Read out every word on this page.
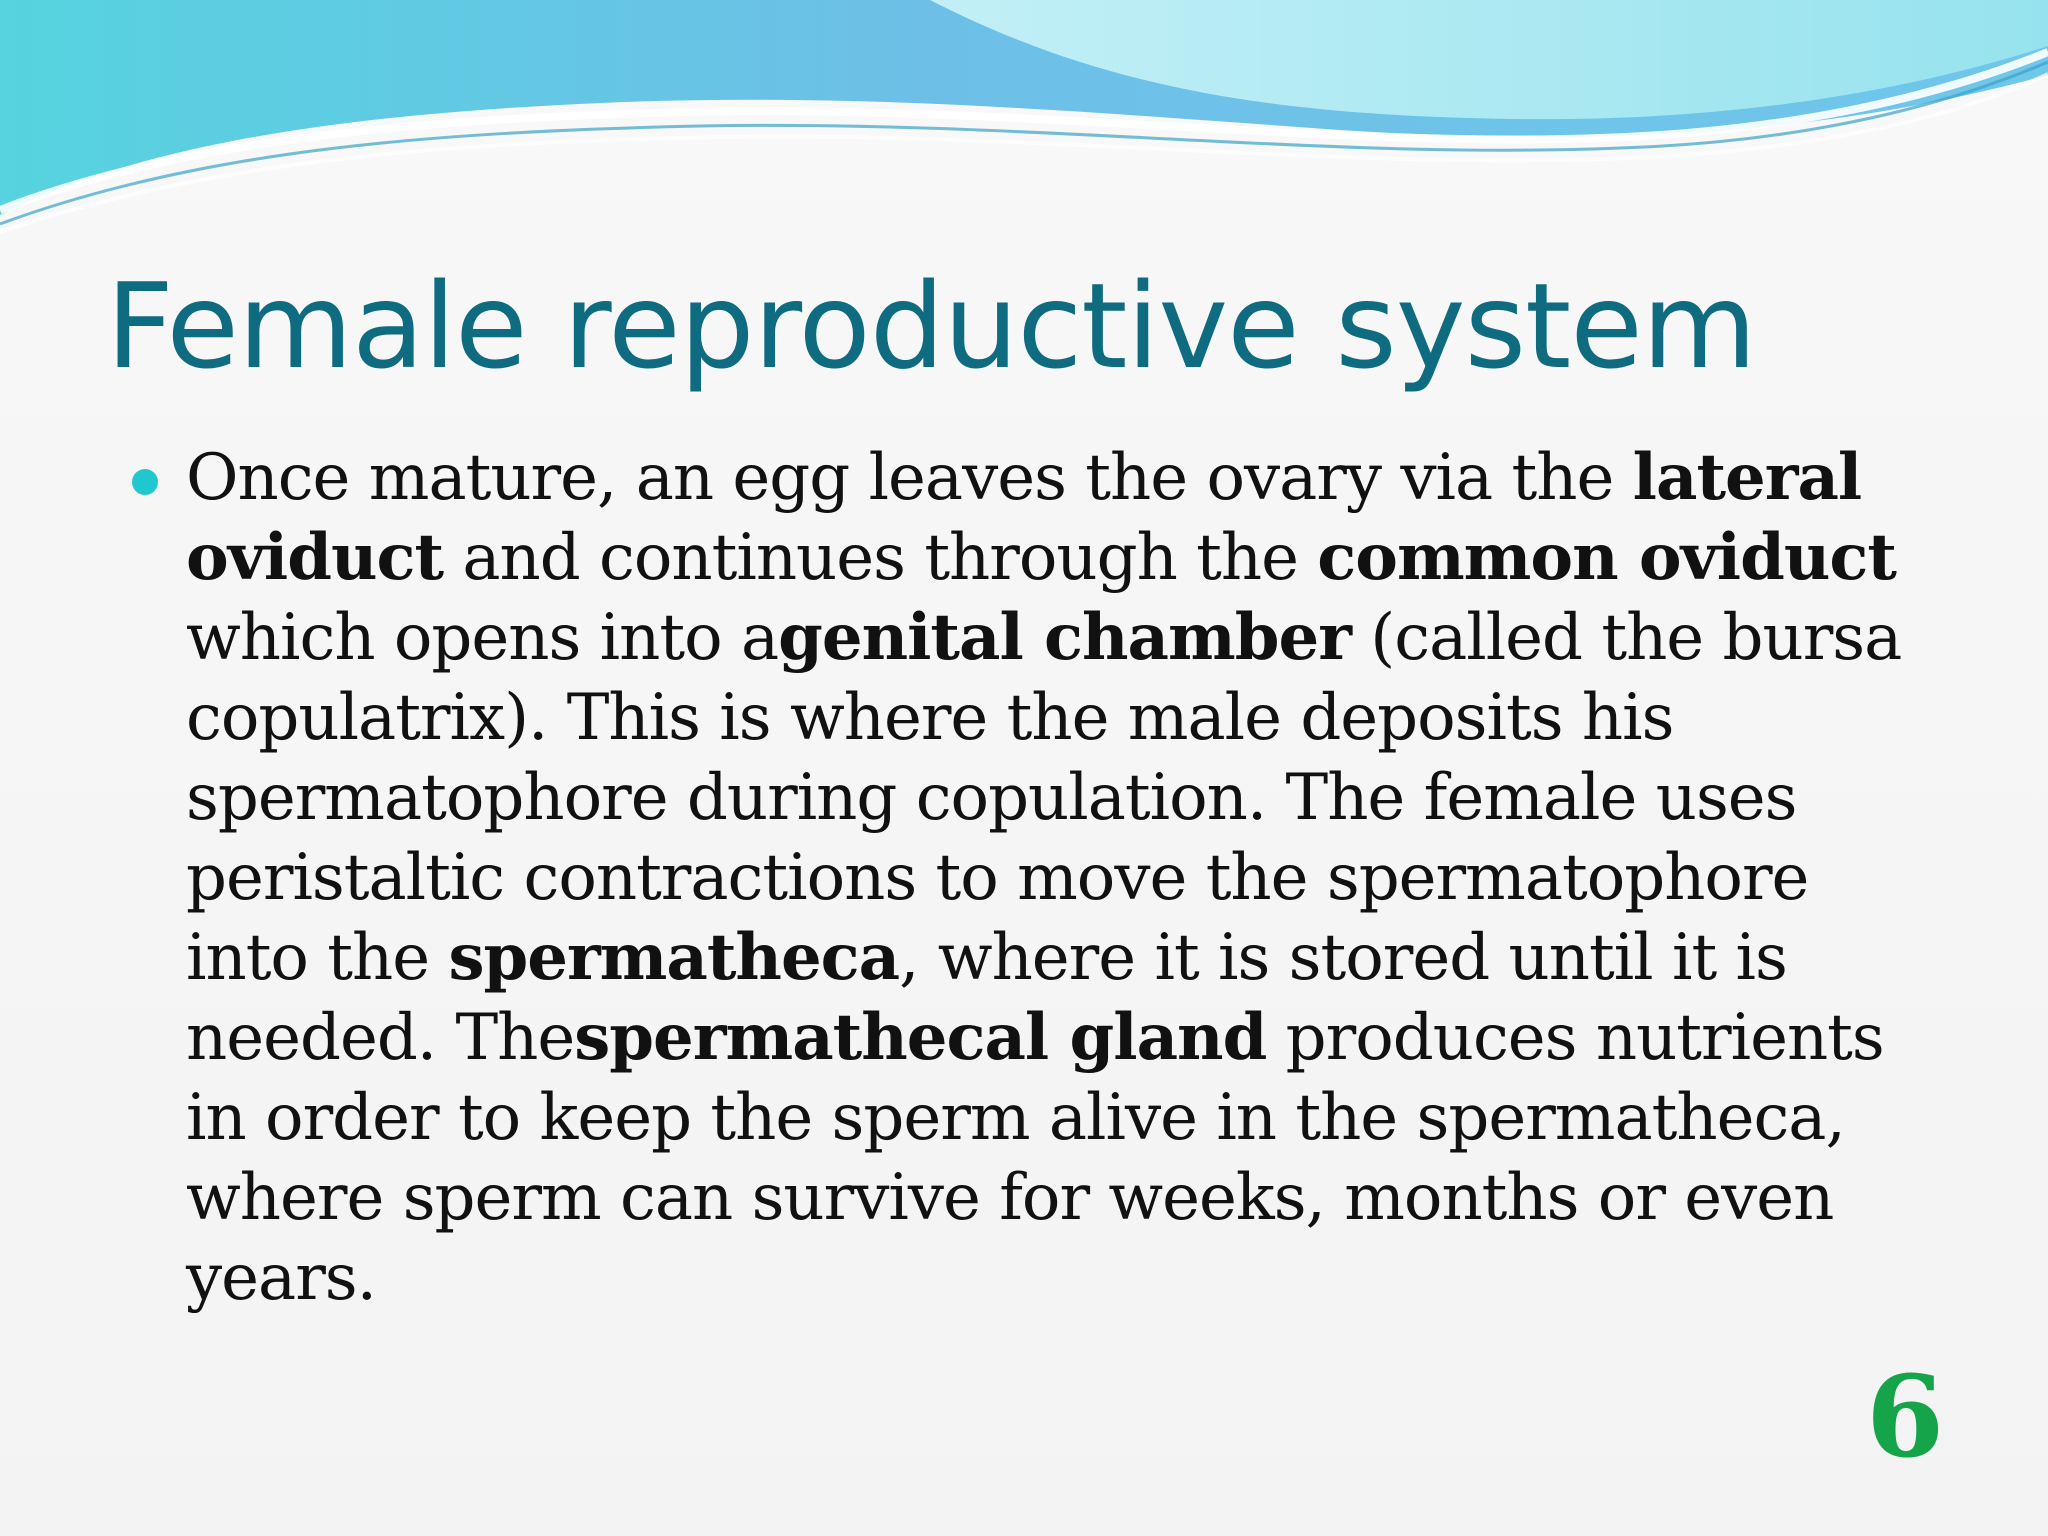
Female reproductive system
Once mature, an egg leaves the ovary via the lateral oviduct and continues through the common oviduct which opens into agenital chamber (called the bursa copulatrix). This is where the male deposits his spermatophore during copulation. The female uses peristaltic contractions to move the spermatophore into the spermatheca, where it is stored until it is needed. Thespermathecal gland produces nutrients in order to keep the sperm alive in the spermatheca, where sperm can survive for weeks, months or even years.
6
